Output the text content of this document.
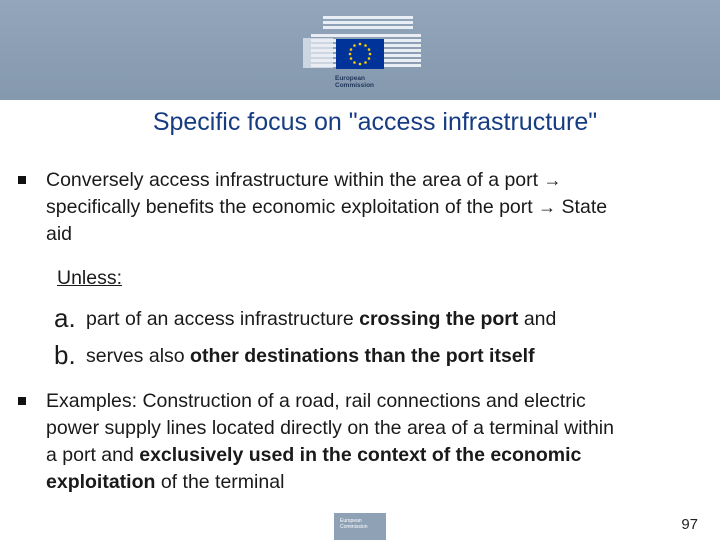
European
Commission
Specific focus on "access infrastructure"
Conversely access infrastructure within the area of a port →
specifically benefits the economic exploitation of the port → State
aid
Unless:
a. part of an access infrastructure crossing the port and
b. serves also other destinations than the port itself
Examples: Construction of a road, rail connections and electric
power supply lines located directly on the area of a terminal within
a port and exclusively used in the context of the economic
exploitation of the terminal
European Commission	97
